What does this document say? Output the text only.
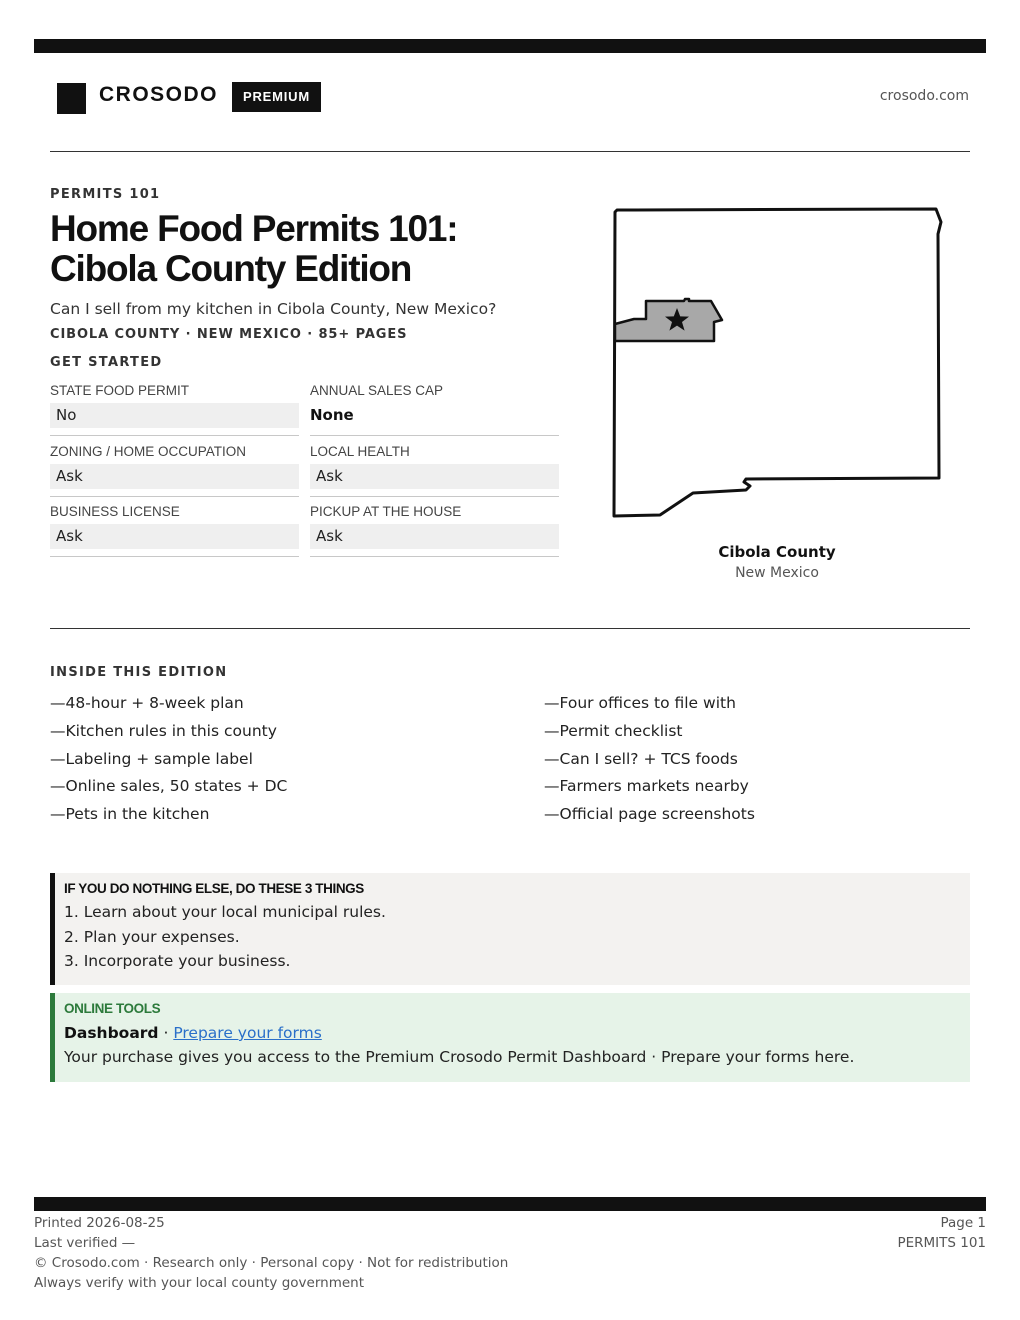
CROSODO	PREMIUM	crosodo.com
PERMITS 101
Home Food Permits 101: Cibola County Edition
Can I sell from my kitchen in Cibola County, New Mexico?
CIBOLA COUNTY · NEW MEXICO · 85+ PAGES
GET STARTED
STATE FOOD PERMIT
No
ANNUAL SALES CAP
None
ZONING / HOME OCCUPATION
Ask
LOCAL HEALTH
Ask
BUSINESS LICENSE
Ask
PICKUP AT THE HOUSE
Ask
Cibola County
New Mexico
INSIDE THIS EDITION
—48-hour + 8-week plan
—Kitchen rules in this county
—Labeling + sample label
—Online sales, 50 states + DC
—Pets in the kitchen
—Four offices to file with
—Permit checklist
—Can I sell? + TCS foods
—Farmers markets nearby
—Official page screenshots
IF YOU DO NOTHING ELSE, DO THESE 3 THINGS
1. Learn about your local municipal rules.
2. Plan your expenses.
3. Incorporate your business.
ONLINE TOOLS
Dashboard · Prepare your forms
Your purchase gives you access to the Premium Crosodo Permit Dashboard · Prepare your forms here.
Printed 2026-08-25
Last verified —
© Crosodo.com · Research only · Personal copy · Not for redistribution
Always verify with your local county government
Page 1
PERMITS 101
